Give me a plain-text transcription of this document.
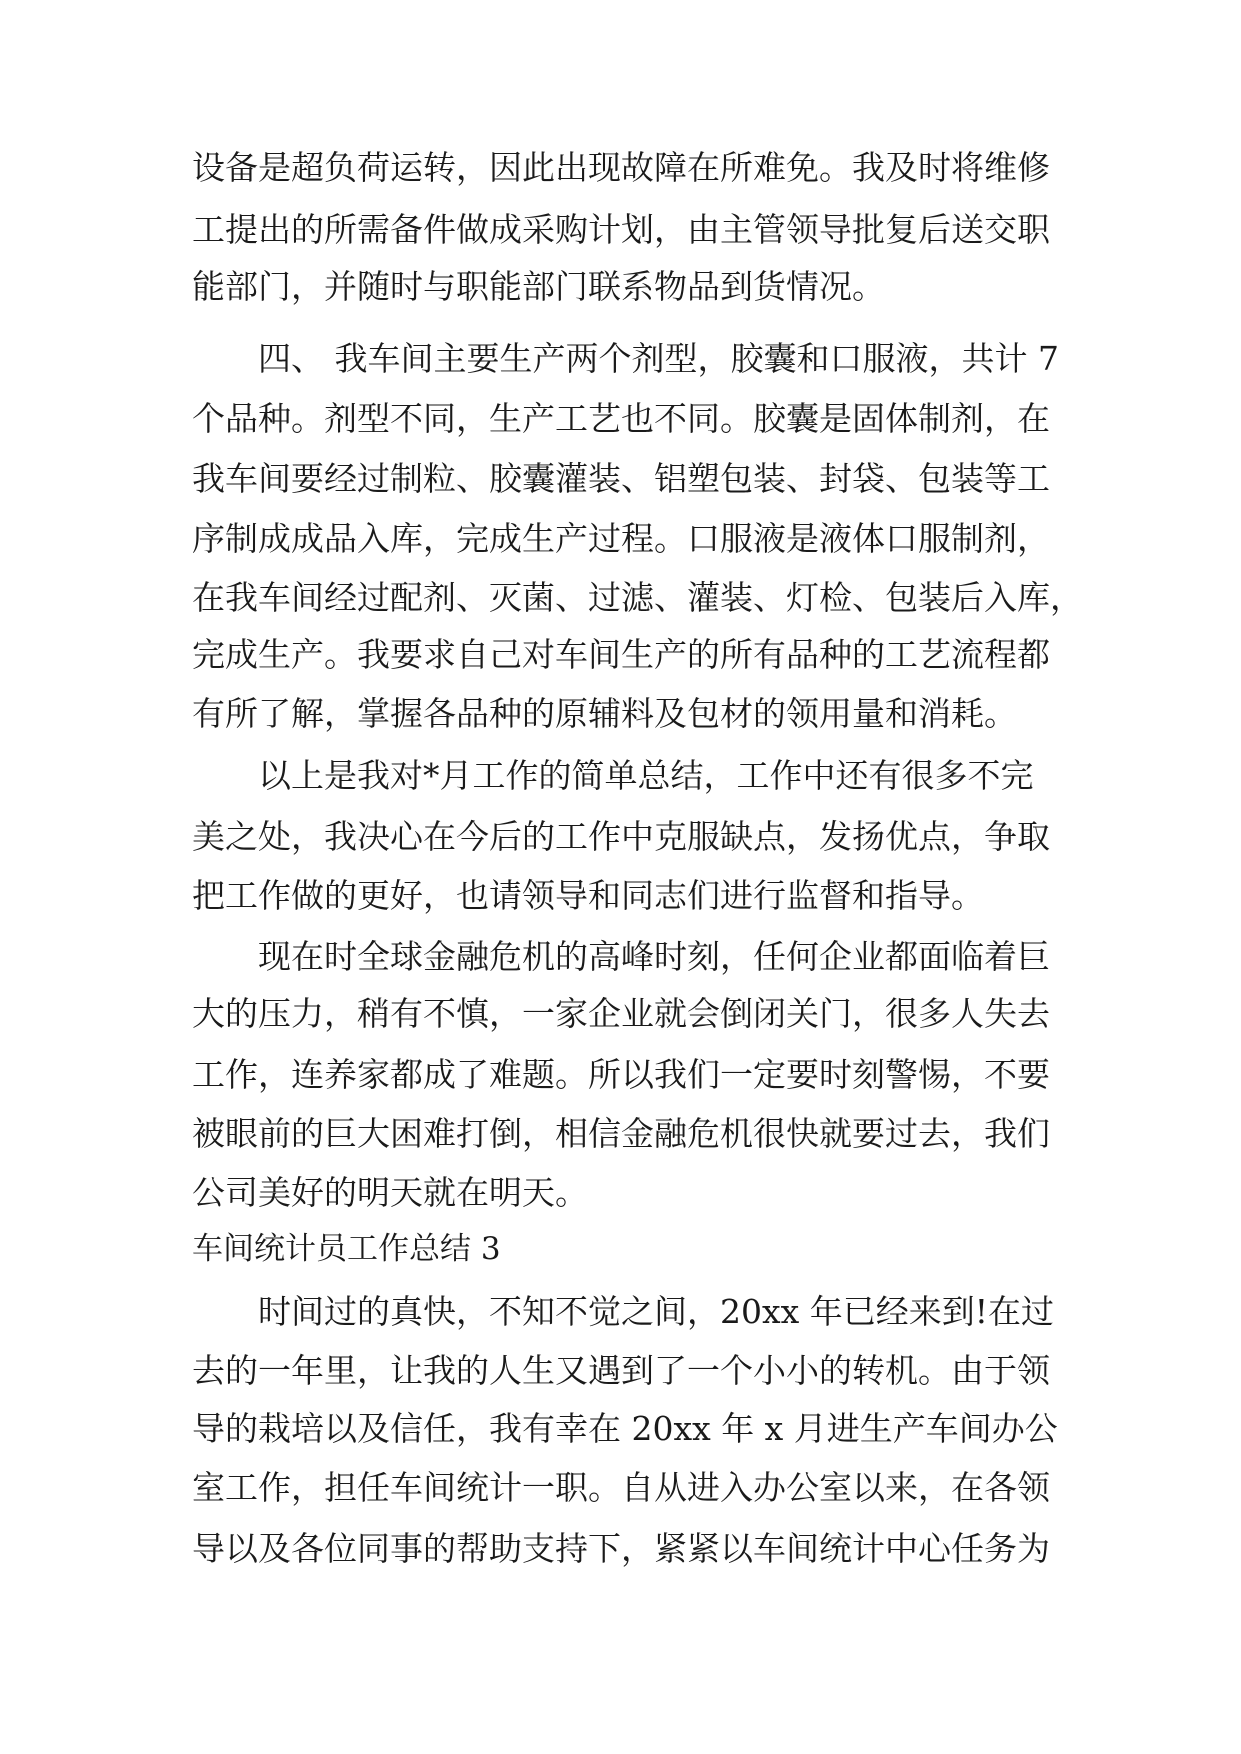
设备是超负荷运转，因此出现故障在所难免。我及时将维修
工提出的所需备件做成采购计划，由主管领导批复后送交职
能部门，并随时与职能部门联系物品到货情况。
四、 我车间主要生产两个剂型，胶囊和口服液，共计 7
个品种。剂型不同，生产工艺也不同。胶囊是固体制剂，在
我车间要经过制粒、胶囊灌装、铝塑包装、封袋、包装等工
序制成成品入库，完成生产过程。口服液是液体口服制剂，
在我车间经过配剂、灭菌、过滤、灌装、灯检、包装后入库，
完成生产。我要求自己对车间生产的所有品种的工艺流程都
有所了解，掌握各品种的原辅料及包材的领用量和消耗。
以上是我对*月工作的简单总结，工作中还有很多不完
美之处，我决心在今后的工作中克服缺点，发扬优点，争取
把工作做的更好，也请领导和同志们进行监督和指导。
现在时全球金融危机的高峰时刻，任何企业都面临着巨
大的压力，稍有不慎，一家企业就会倒闭关门，很多人失去
工作，连养家都成了难题。所以我们一定要时刻警惕，不要
被眼前的巨大困难打倒，相信金融危机很快就要过去，我们
公司美好的明天就在明天。
车间统计员工作总结 3
时间过的真快，不知不觉之间，20xx 年已经来到!在过
去的一年里，让我的人生又遇到了一个小小的转机。由于领
导的栽培以及信任，我有幸在 20xx 年 x 月进生产车间办公
室工作，担任车间统计一职。自从进入办公室以来，在各领
导以及各位同事的帮助支持下，紧紧以车间统计中心任务为
